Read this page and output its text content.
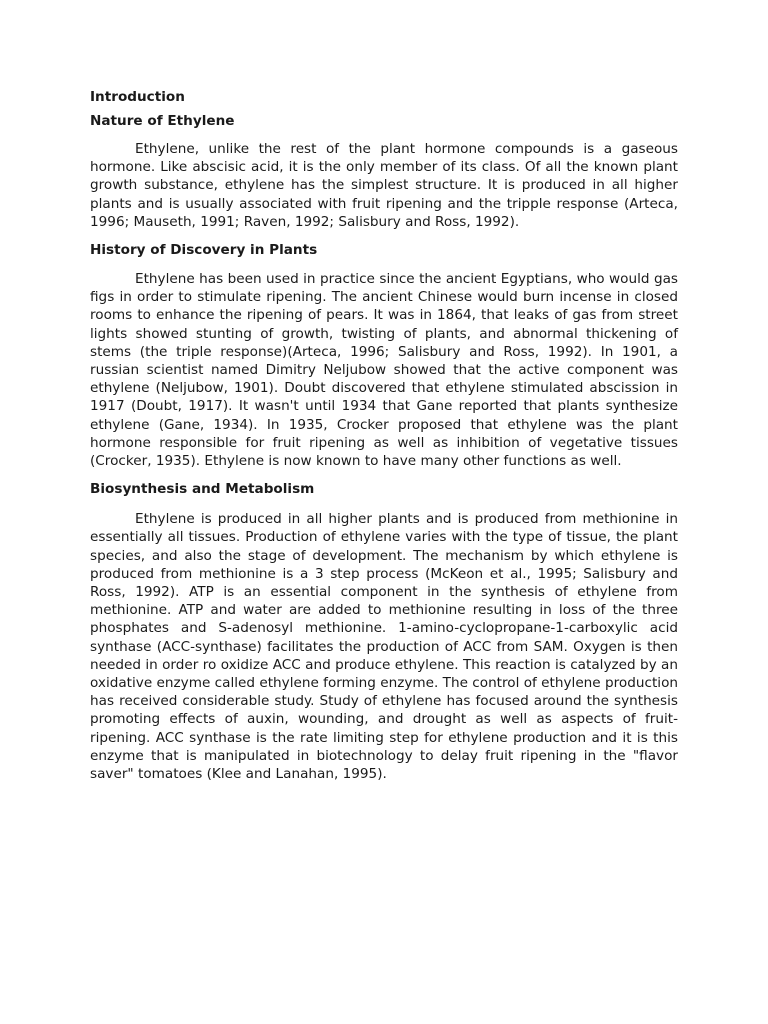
Introduction
Nature of Ethylene

Ethylene, unlike the rest of the plant hormone compounds is a gaseous hormone. Like abscisic acid, it is the only member of its class. Of all the known plant growth substance, ethylene has the simplest structure. It is produced in all higher plants and is usually associated with fruit ripening and the tripple response (Arteca, 1996; Mauseth, 1991; Raven, 1992; Salisbury and Ross, 1992).

History of Discovery in Plants

Ethylene has been used in practice since the ancient Egyptians, who would gas figs in order to stimulate ripening. The ancient Chinese would burn incense in closed rooms to enhance the ripening of pears. It was in 1864, that leaks of gas from street lights showed stunting of growth, twisting of plants, and abnormal thickening of stems (the triple response)(Arteca, 1996; Salisbury and Ross, 1992). In 1901, a russian scientist named Dimitry Neljubow showed that the active component was ethylene (Neljubow, 1901). Doubt discovered that ethylene stimulated abscission in 1917 (Doubt, 1917). It wasn't until 1934 that Gane reported that plants synthesize ethylene (Gane, 1934). In 1935, Crocker proposed that ethylene was the plant hormone responsible for fruit ripening as well as inhibition of vegetative tissues (Crocker, 1935). Ethylene is now known to have many other functions as well.

Biosynthesis and Metabolism

Ethylene is produced in all higher plants and is produced from methionine in essentially all tissues. Production of ethylene varies with the type of tissue, the plant species, and also the stage of development. The mechanism by which ethylene is produced from methionine is a 3 step process (McKeon et al., 1995; Salisbury and Ross, 1992). ATP is an essential component in the synthesis of ethylene from methionine. ATP and water are added to methionine resulting in loss of the three phosphates and S-adenosyl methionine. 1-amino-cyclopropane-1-carboxylic acid synthase (ACC-synthase) facilitates the production of ACC from SAM. Oxygen is then needed in order ro oxidize ACC and produce ethylene. This reaction is catalyzed by an oxidative enzyme called ethylene forming enzyme. The control of ethylene production has received considerable study. Study of ethylene has focused around the synthesis promoting effects of auxin, wounding, and drought as well as aspects of fruit-ripening. ACC synthase is the rate limiting step for ethylene production and it is this enzyme that is manipulated in biotechnology to delay fruit ripening in the "flavor saver" tomatoes (Klee and Lanahan, 1995).
